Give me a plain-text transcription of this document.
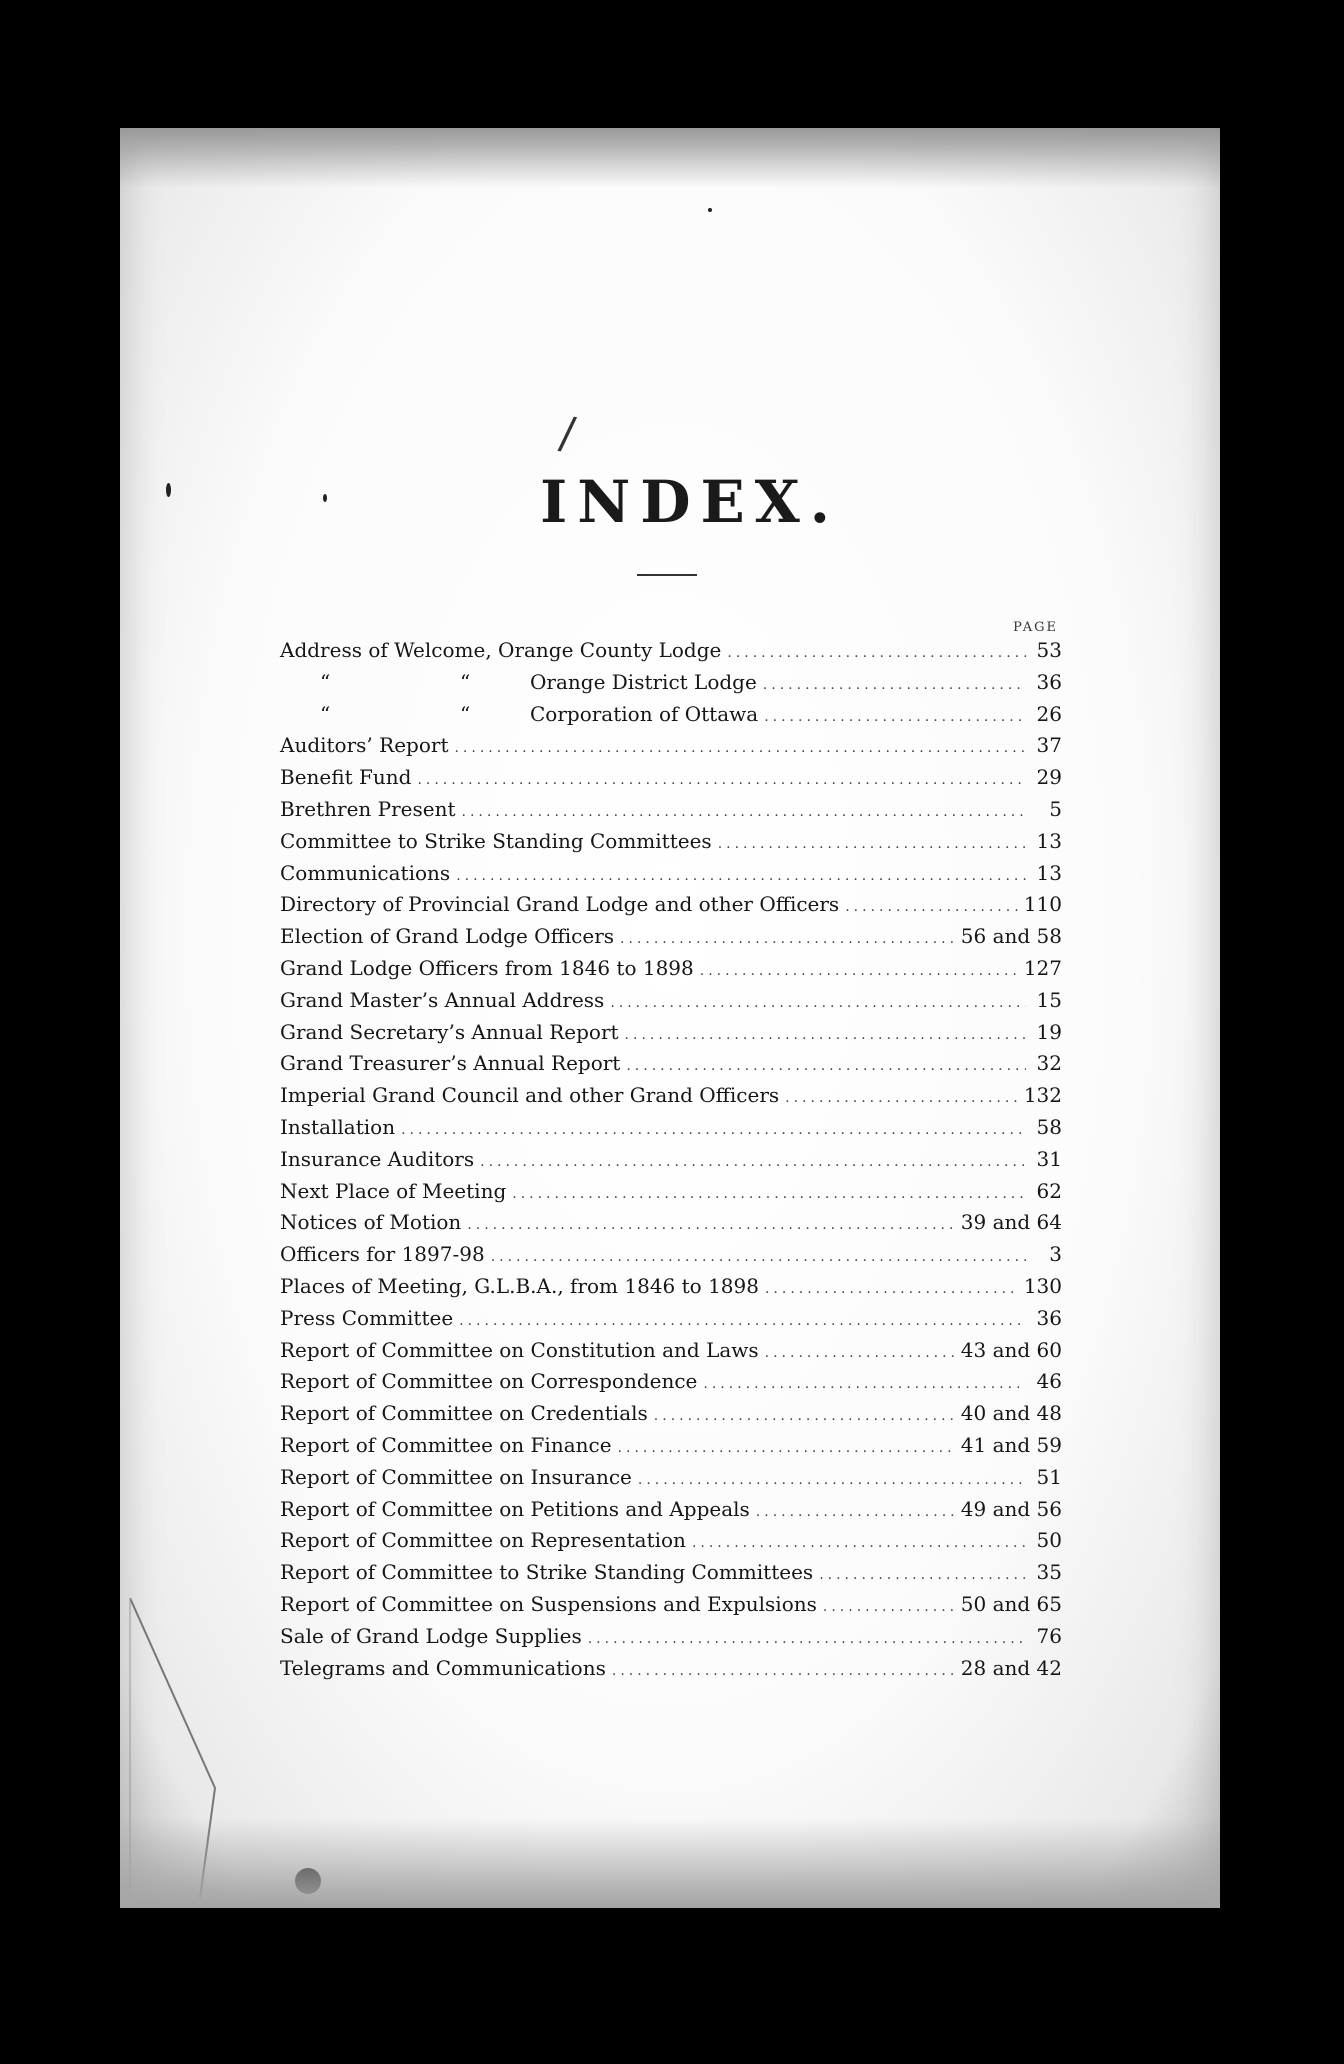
/
INDEX.
PAGE
Address of Welcome, Orange County Lodge .....	53
“	“	Orange District Lodge .....	36
“	“	Corporation of Ottawa .....	26
Auditors’ Report .....	37
Benefit Fund .....	29
Brethren Present .....	5
Committee to Strike Standing Committees .....	13
Communications .....	13
Directory of Provincial Grand Lodge and other Officers .....	110
Election of Grand Lodge Officers .....	56 and 58
Grand Lodge Officers from 1846 to 1898 .....	127
Grand Master’s Annual Address .....	15
Grand Secretary’s Annual Report .....	19
Grand Treasurer’s Annual Report .....	32
Imperial Grand Council and other Grand Officers .....	132
Installation .....	58
Insurance Auditors .....	31
Next Place of Meeting .....	62
Notices of Motion .....	39 and 64
Officers for 1897-98 .....	3
Places of Meeting, G.L.B.A., from 1846 to 1898 .....	130
Press Committee .....	36
Report of Committee on Constitution and Laws .....	43 and 60
Report of Committee on Correspondence .....	46
Report of Committee on Credentials .....	40 and 48
Report of Committee on Finance .....	41 and 59
Report of Committee on Insurance .....	51
Report of Committee on Petitions and Appeals .....	49 and 56
Report of Committee on Representation .....	50
Report of Committee to Strike Standing Committees .....	35
Report of Committee on Suspensions and Expulsions .....	50 and 65
Sale of Grand Lodge Supplies .....	76
Telegrams and Communications .....	28 and 42
